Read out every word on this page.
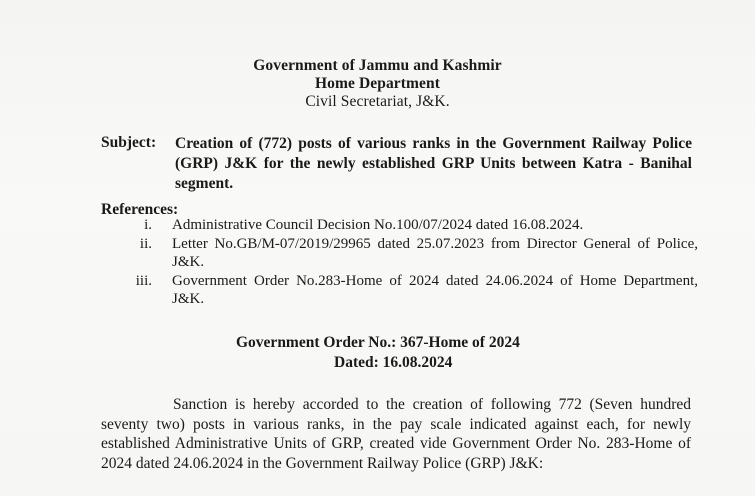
Government of Jammu and Kashmir
Home Department
Civil Secretariat, J&K.
Subject: Creation of (772) posts of various ranks in the Government Railway Police (GRP) J&K for the newly established GRP Units between Katra - Banihal segment.
References:
i. Administrative Council Decision No.100/07/2024 dated 16.08.2024.
ii. Letter No.GB/M-07/2019/29965 dated 25.07.2023 from Director General of Police, J&K.
iii. Government Order No.283-Home of 2024 dated 24.06.2024 of Home Department, J&K.
Government Order No.: 367-Home of 2024
Dated: 16.08.2024
Sanction is hereby accorded to the creation of following 772 (Seven hundred seventy two) posts in various ranks, in the pay scale indicated against each, for newly established Administrative Units of GRP, created vide Government Order No. 283-Home of 2024 dated 24.06.2024 in the Government Railway Police (GRP) J&K:
